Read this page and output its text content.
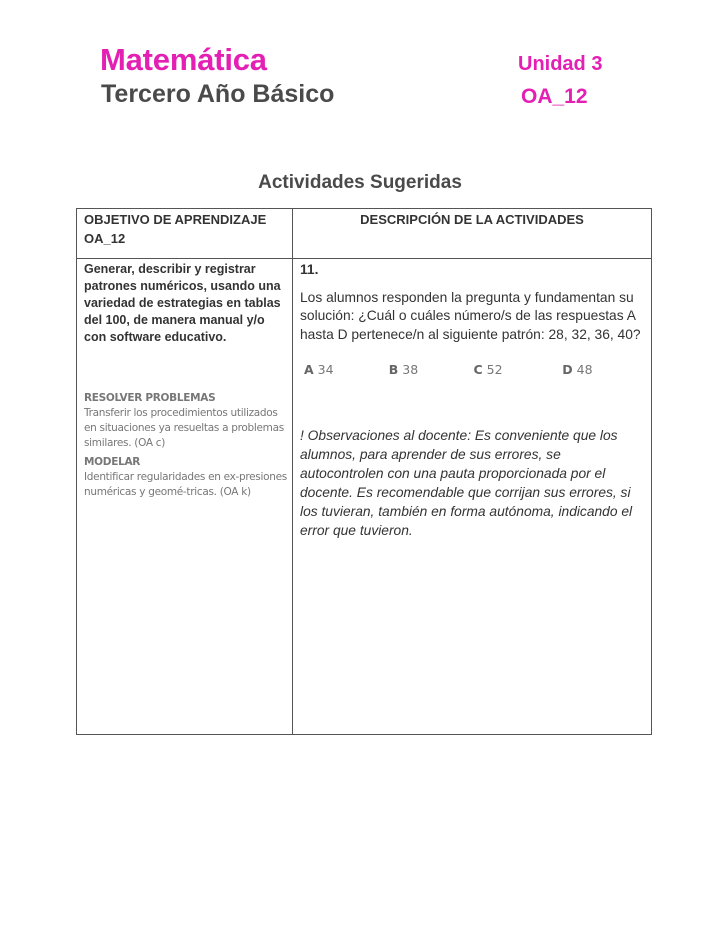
Matemática
Tercero Año Básico
Unidad 3
OA_12
Actividades Sugeridas
OBJETIVO DE APRENDIZAJE OA_12	DESCRIPCIÓN DE LA ACTIVIDADES

Generar, describir y registrar patrones numéricos, usando una variedad de estrategias en tablas del 100, de manera manual y/o con software educativo.
RESOLVER PROBLEMAS
Transferir los procedimientos utilizados en situaciones ya resueltas a problemas similares. (OA c)
MODELAR
Identificar regularidades en ex-presiones numéricas y geomé-tricas. (OA k)

11.
Los alumnos responden la pregunta y fundamentan su solución: ¿Cuál o cuáles número/s de las respuestas A hasta D pertenece/n al siguiente patrón: 28, 32, 36, 40?
A 34	B 38	C 52	D 48
! Observaciones al docente: Es conveniente que los alumnos, para aprender de sus errores, se autocontrolen con una pauta proporcionada por el docente. Es recomendable que corrijan sus errores, si los tuvieran, también en forma autónoma, indicando el error que tuvieron.
